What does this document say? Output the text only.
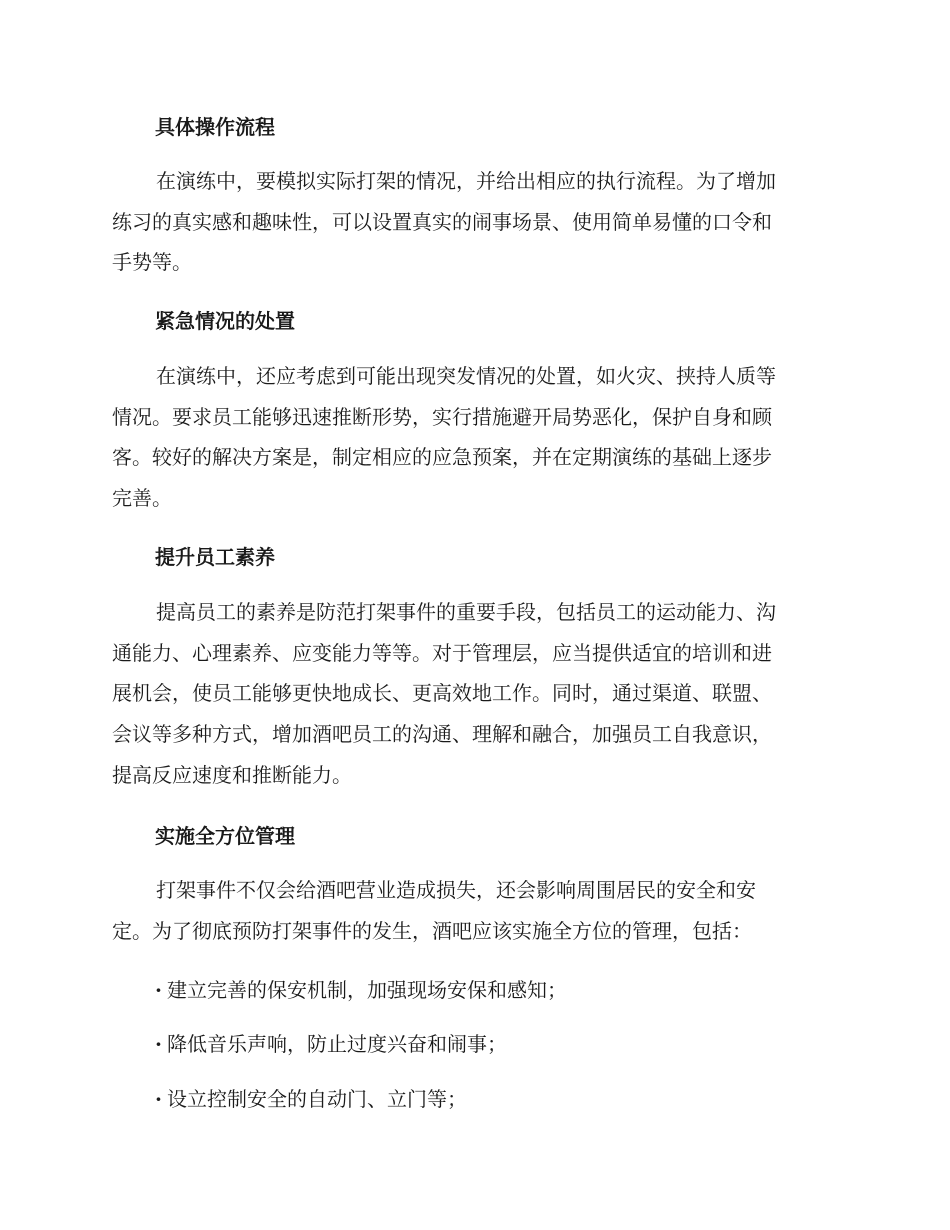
具体操作流程

在演练中，要模拟实际打架的情况，并给出相应的执行流程。为了增加
练习的真实感和趣味性，可以设置真实的闹事场景、使用简单易懂的口令和
手势等。

紧急情况的处置

在演练中，还应考虑到可能出现突发情况的处置，如火灾、挟持人质等
情况。要求员工能够迅速推断形势，实行措施避开局势恶化，保护自身和顾
客。较好的解决方案是，制定相应的应急预案，并在定期演练的基础上逐步
完善。

提升员工素养

提高员工的素养是防范打架事件的重要手段，包括员工的运动能力、沟
通能力、心理素养、应变能力等等。对于管理层，应当提供适宜的培训和进
展机会，使员工能够更快地成长、更高效地工作。同时，通过渠道、联盟、
会议等多种方式，增加酒吧员工的沟通、理解和融合，加强员工自我意识，
提高反应速度和推断能力。

实施全方位管理

打架事件不仅会给酒吧营业造成损失，还会影响周围居民的安全和安
定。为了彻底预防打架事件的发生，酒吧应该实施全方位的管理，包括：

· 建立完善的保安机制，加强现场安保和感知；

· 降低音乐声响，防止过度兴奋和闹事；

· 设立控制安全的自动门、立门等；
